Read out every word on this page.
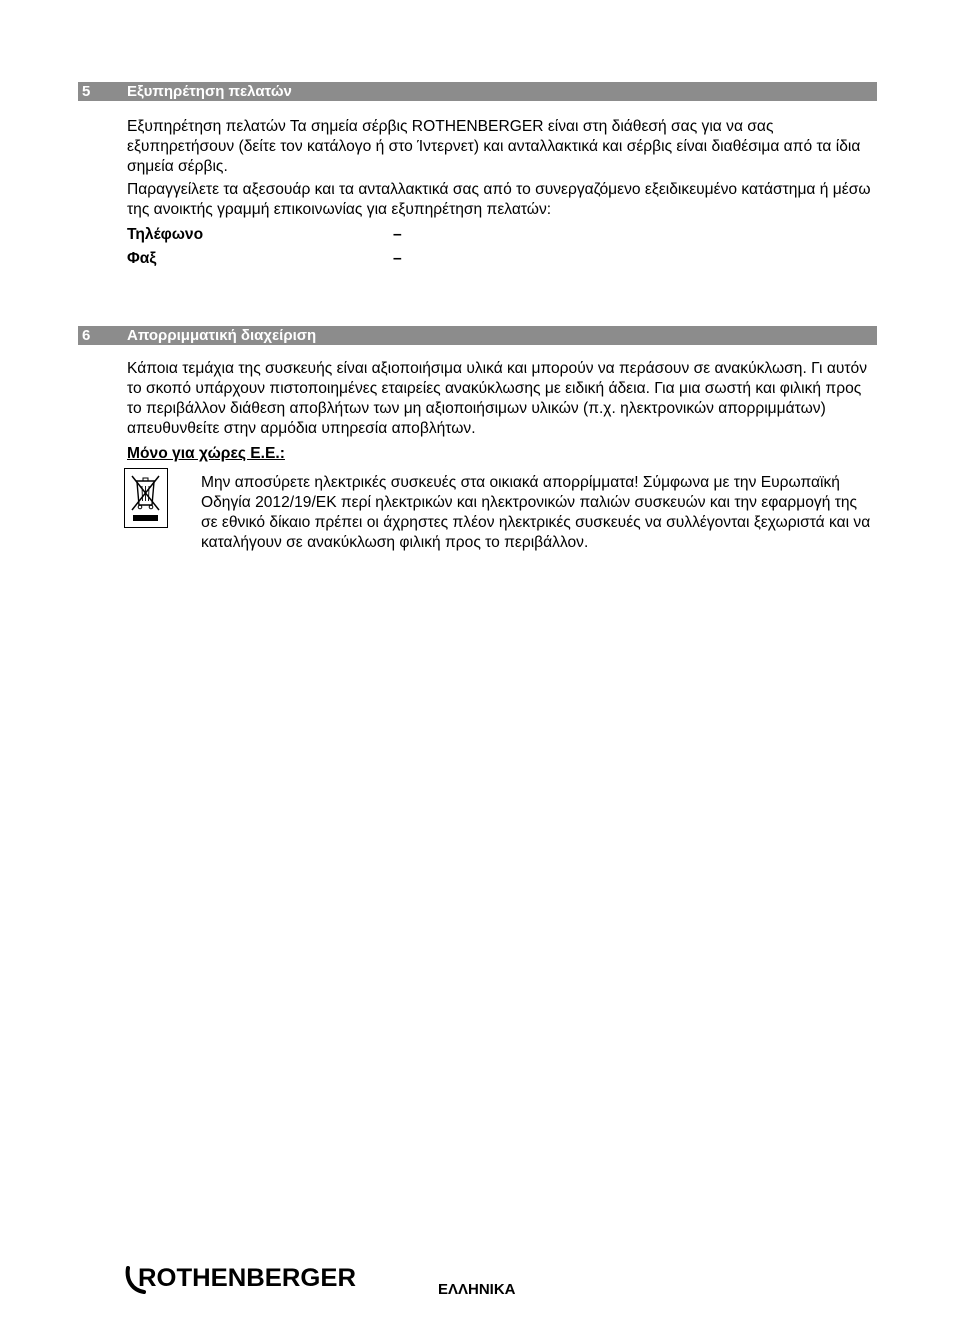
5 Εξυπηρέτηση πελατών

Εξυπηρέτηση πελατών Τα σημεία σέρβις ROTHENBERGER είναι στη διάθεσή σας για να σας εξυπηρετήσουν (δείτε τον κατάλογο ή στο Ίντερνετ) και ανταλλακτικά και σέρβις είναι διαθέσιμα από τα ίδια σημεία σέρβις.

Παραγγείλετε τα αξεσουάρ και τα ανταλλακτικά σας από το συνεργαζόμενο εξειδικευμένο κατάστημα ή μέσω της ανοικτής γραμμή επικοινωνίας για εξυπηρέτηση πελατών:

Τηλέφωνο	–
Φαξ	–
6 Απορριμματική διαχείριση

Κάποια τεμάχια της συσκευής είναι αξιοποιήσιμα υλικά και μπορούν να περάσουν σε ανακύκλωση. Γι αυτόν το σκοπό υπάρχουν πιστοποιημένες εταιρείες ανακύκλωσης με ειδική άδεια. Για μια σωστή και φιλική προς το περιβάλλον διάθεση αποβλήτων των μη αξιοποιήσιμων υλικών (π.χ. ηλεκτρονικών απορριμμάτων) απευθυνθείτε στην αρμόδια υπηρεσία αποβλήτων.

Μόνο για χώρες Ε.Ε.:

Μην αποσύρετε ηλεκτρικές συσκευές στα οικιακά απορρίμματα! Σύμφωνα με την Ευρωπαϊκή Οδηγία 2012/19/ΕΚ περί ηλεκτρικών και ηλεκτρονικών παλιών συσκευών και την εφαρμογή της σε εθνικό δίκαιο πρέπει οι άχρηστες πλέον ηλεκτρικές συσκευές να συλλέγονται ξεχωριστά και να καταλήγουν σε ανακύκλωση φιλική προς το περιβάλλον.

ROTHENBERGER	ΕΛΛΗΝΙΚΑ
